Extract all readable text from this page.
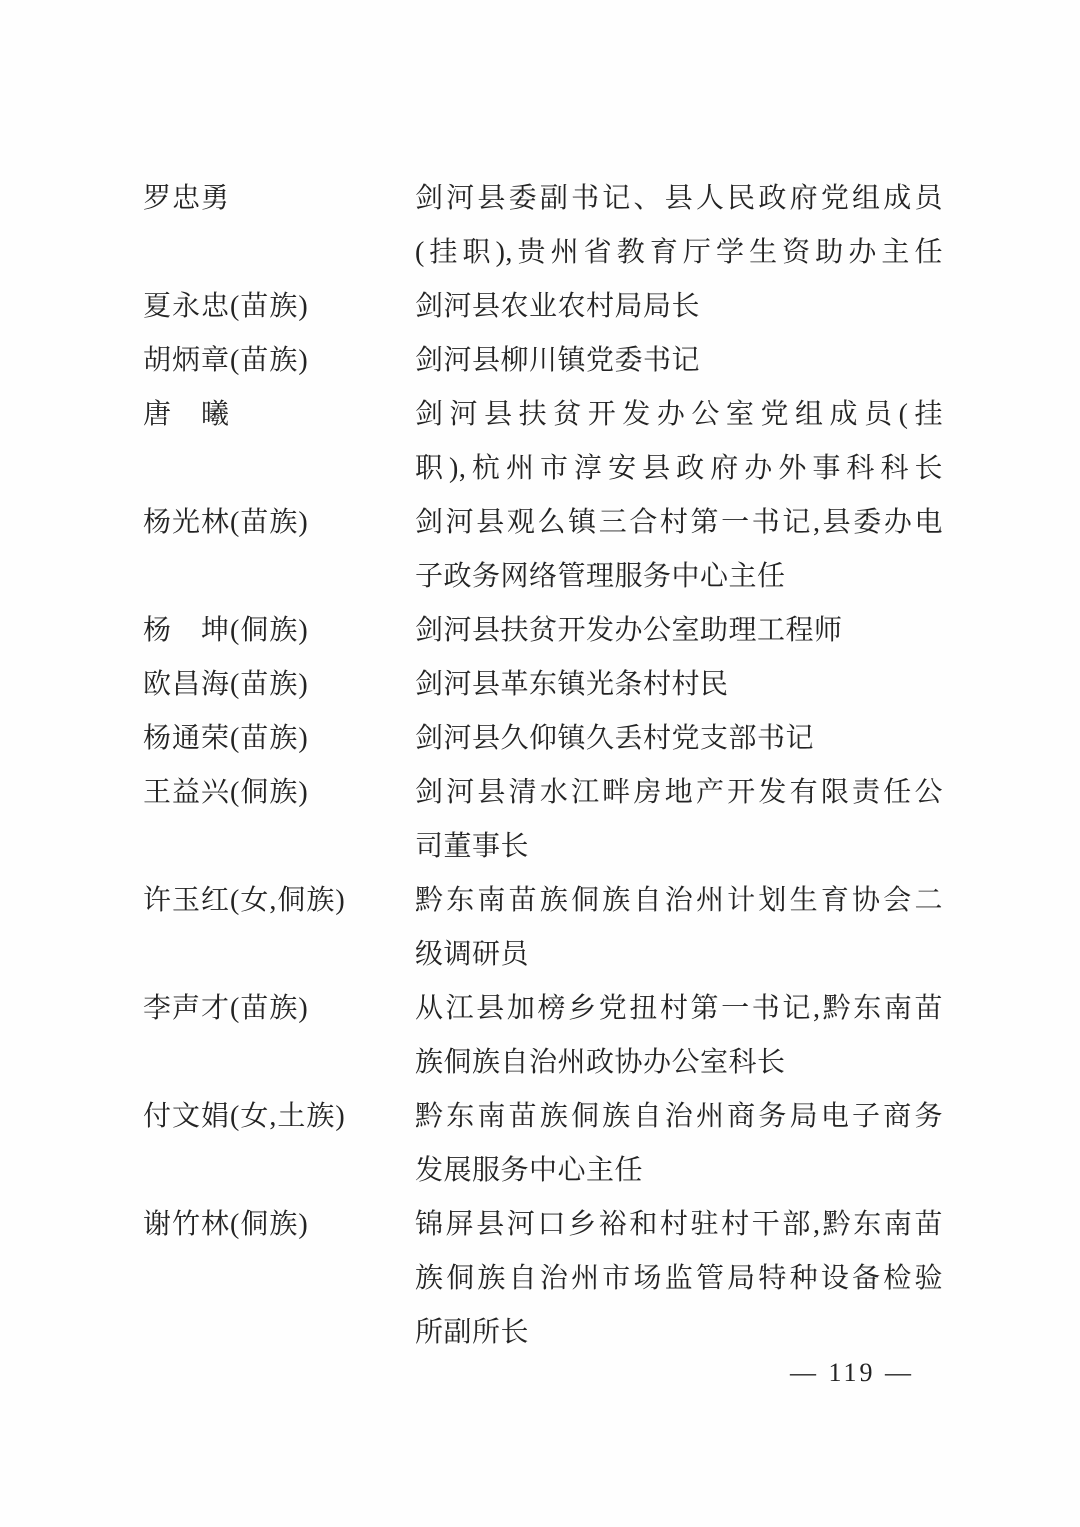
罗忠勇	剑河县委副书记、县人民政府党组成员
(挂职),贵州省教育厅学生资助办主任
夏永忠(苗族)	剑河县农业农村局局长
胡炳章(苗族)	剑河县柳川镇党委书记
唐　曦	剑河县扶贫开发办公室党组成员(挂
职),杭州市淳安县政府办外事科科长
杨光林(苗族)	剑河县观么镇三合村第一书记,县委办电
子政务网络管理服务中心主任
杨　坤(侗族)	剑河县扶贫开发办公室助理工程师
欧昌海(苗族)	剑河县革东镇光条村村民
杨通荣(苗族)	剑河县久仰镇久丢村党支部书记
王益兴(侗族)	剑河县清水江畔房地产开发有限责任公
司董事长
许玉红(女,侗族)	黔东南苗族侗族自治州计划生育协会二
级调研员
李声才(苗族)	从江县加榜乡党扭村第一书记,黔东南苗
族侗族自治州政协办公室科长
付文娟(女,土族)	黔东南苗族侗族自治州商务局电子商务
发展服务中心主任
谢竹林(侗族)	锦屏县河口乡裕和村驻村干部,黔东南苗
族侗族自治州市场监管局特种设备检验
所副所长
— 119 —
